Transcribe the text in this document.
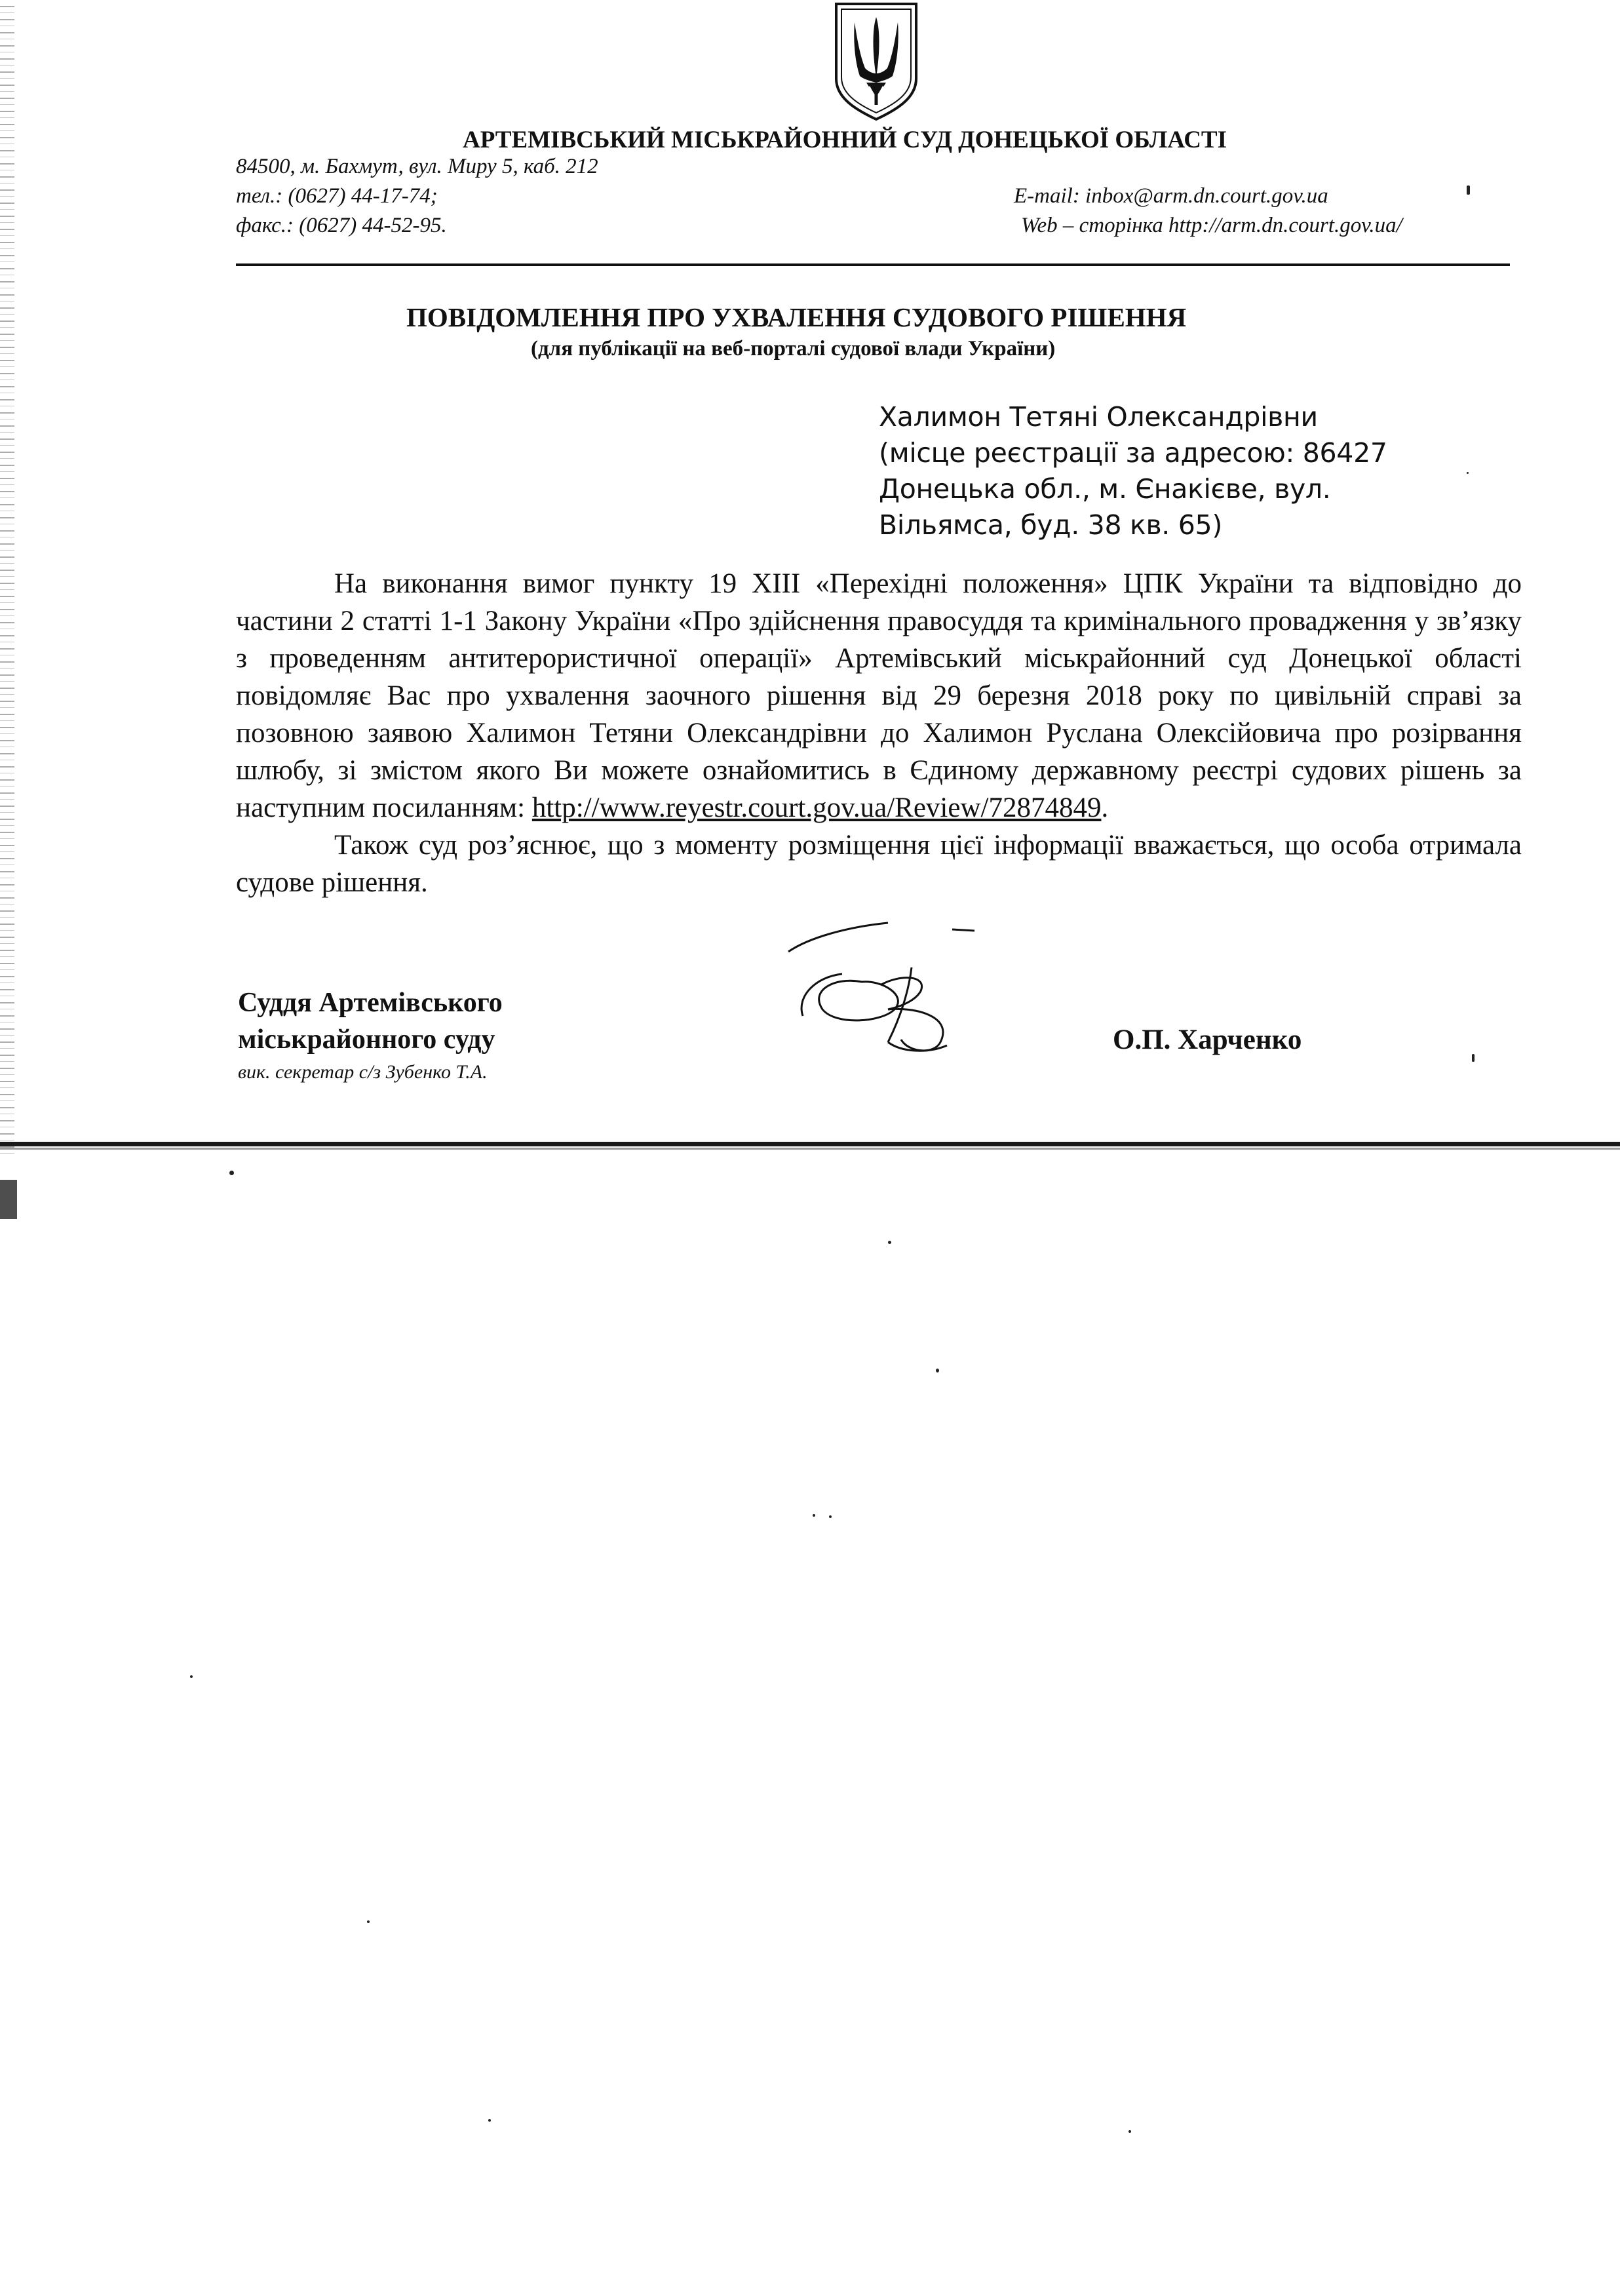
АРТЕМІВСЬКИЙ МІСЬКРАЙОННИЙ СУД ДОНЕЦЬКОЇ ОБЛАСТІ
84500, м. Бахмут, вул. Миру 5, каб. 212
тел.: (0627) 44-17-74;
факс.: (0627) 44-52-95.
E-mail: inbox@arm.dn.court.gov.ua
Web – сторінка http://arm.dn.court.gov.ua/
ПОВІДОМЛЕННЯ ПРО УХВАЛЕННЯ СУДОВОГО РІШЕННЯ
(для публікації на веб-порталі судової влади України)
Халимон Тетяні Олександрівни
(місце реєстрації за адресою: 86427
Донецька обл., м. Єнакієве, вул.
Вільямса, буд. 38 кв. 65)

На виконання вимог пункту 19 XIII «Перехідні положення» ЦПК України та відповідно до частини 2 статті 1-1 Закону України «Про здійснення правосуддя та кримінального провадження у зв’язку з проведенням антитерористичної операції» Артемівський міськрайонний суд Донецької області повідомляє Вас про ухвалення заочного рішення від 29 березня 2018 року по цивільній справі за позовною заявою Халимон Тетяни Олександрівни до Халимон Руслана Олексійовича про розірвання шлюбу, зі змістом якого Ви можете ознайомитись в Єдиному державному реєстрі судових рішень за наступним посиланням: http://www.reyestr.court.gov.ua/Review/72874849.

Також суд роз’яснює, що з моменту розміщення цієї інформації вважається, що особа отримала судове рішення.

Суддя Артемівського
міськрайонного суду	О.П. Харченко
вик. секретар с/з Зубенко Т.А.
